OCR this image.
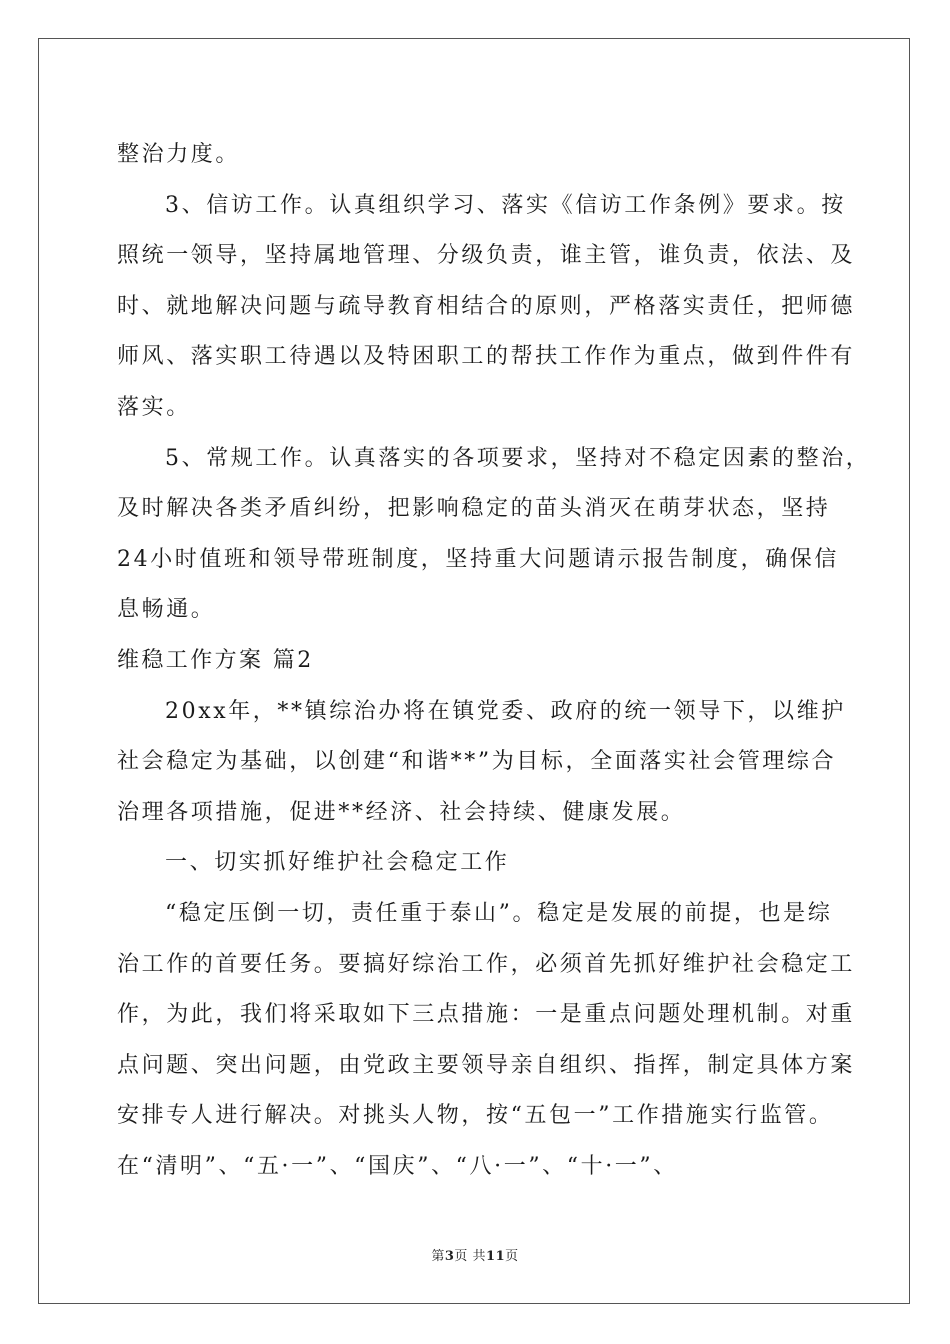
整治力度。
3、信访工作。认真组织学习、落实《信访工作条例》要求。按
照统一领导，坚持属地管理、分级负责，谁主管，谁负责，依法、及
时、就地解决问题与疏导教育相结合的原则，严格落实责任，把师德
师风、落实职工待遇以及特困职工的帮扶工作作为重点，做到件件有
落实。
5、常规工作。认真落实的各项要求，坚持对不稳定因素的整治，
及时解决各类矛盾纠纷，把影响稳定的苗头消灭在萌芽状态，坚持
24小时值班和领导带班制度，坚持重大问题请示报告制度，确保信
息畅通。
维稳工作方案 篇2
20xx年，**镇综治办将在镇党委、政府的统一领导下，以维护
社会稳定为基础，以创建“和谐**”为目标，全面落实社会管理综合
治理各项措施，促进**经济、社会持续、健康发展。
一、切实抓好维护社会稳定工作
“稳定压倒一切，责任重于泰山”。稳定是发展的前提，也是综
治工作的首要任务。要搞好综治工作，必须首先抓好维护社会稳定工
作，为此，我们将采取如下三点措施：一是重点问题处理机制。对重
点问题、突出问题，由党政主要领导亲自组织、指挥，制定具体方案
安排专人进行解决。对挑头人物，按“五包一”工作措施实行监管。
在“清明”、“五·一”、“国庆”、“八·一”、“十·一”、
第3页 共11页
